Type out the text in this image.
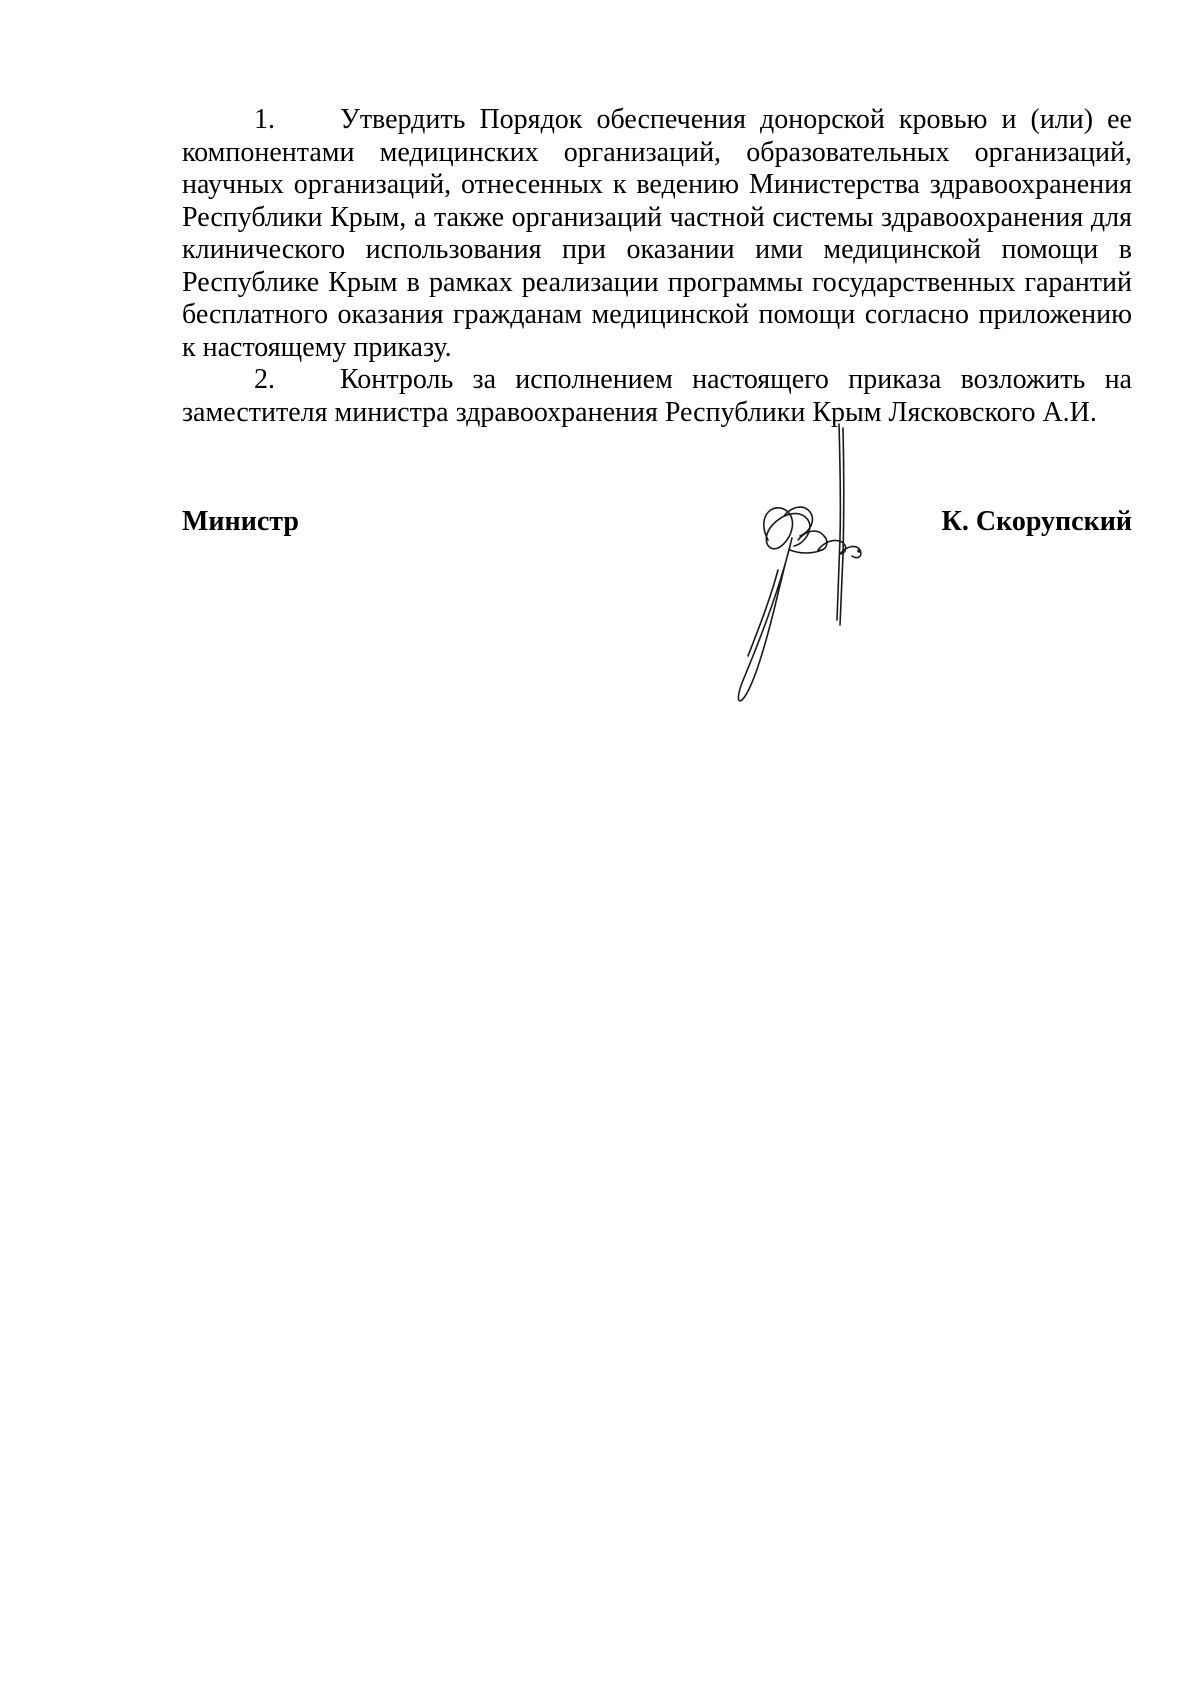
1. Утвердить Порядок обеспечения донорской кровью и (или) ее компонентами медицинских организаций, образовательных организаций, научных организаций, отнесенных к ведению Министерства здравоохранения Республики Крым, а также организаций частной системы здравоохранения для клинического использования при оказании ими медицинской помощи в Республике Крым в рамках реализации программы государственных гарантий бесплатного оказания гражданам медицинской помощи согласно приложению к настоящему приказу.

2. Контроль за исполнением настоящего приказа возложить на заместителя министра здравоохранения Республики Крым Лясковского А.И.

Министр	К. Скорупский
